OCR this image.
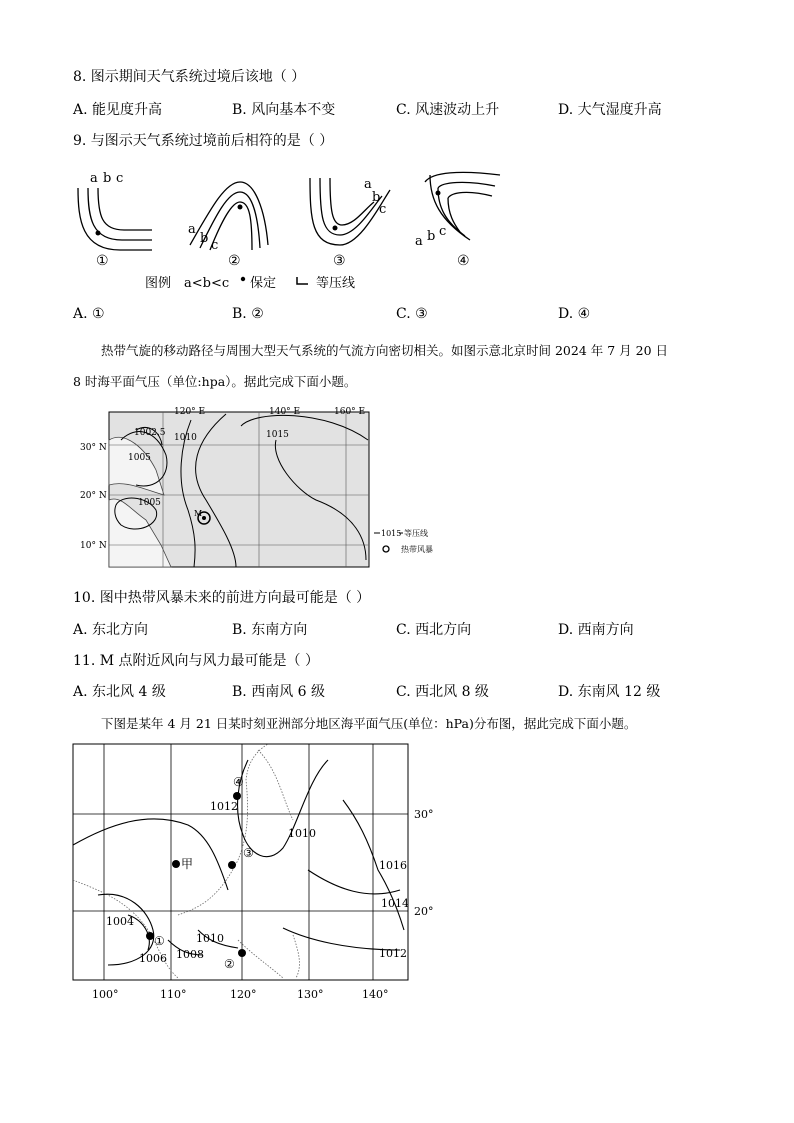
8. 图示期间天气系统过境后该地（ ）
A. 能见度升高	B. 风向基本不变	C. 风速波动上升	D. 大气湿度升高
9. 与图示天气系统过境前后相符的是（ ）
a b c
a
b c
a
b
c
a b c
①	②	③	④
图例 a<b<c 保定	等压线
A. ①	B. ②	C. ③	D. ④
热带气旋的移动路径与周围大型天气系统的气流方向密切相关。如图示意北京时间 2024 年 7 月 20 日
8 时海平面气压（单位:hpa）。据此完成下面小题。
M
120° E	140° E	160° E
30° N
20° N
10° N
1010	1015
1005
1005
1002.5
1015 等压线
热带风暴
10. 图中热带风暴未来的前进方向最可能是（ ）
A. 东北方向	B. 东南方向	C. 西北方向	D. 西南方向
11. M 点附近风向与风力最可能是（ ）
A. 东北风 4 级	B. 西南风 6 级	C. 西北风 8 级	D. 东南风 12 级
下图是某年 4 月 21 日某时刻亚洲部分地区海平面气压(单位：hPa)分布图，据此完成下面小题。
④
③
甲
①
②
1012
1010
1016
1014
1012
1004
1010
1008
1006
100°	110°	120°	130°	140°
30°
20°
